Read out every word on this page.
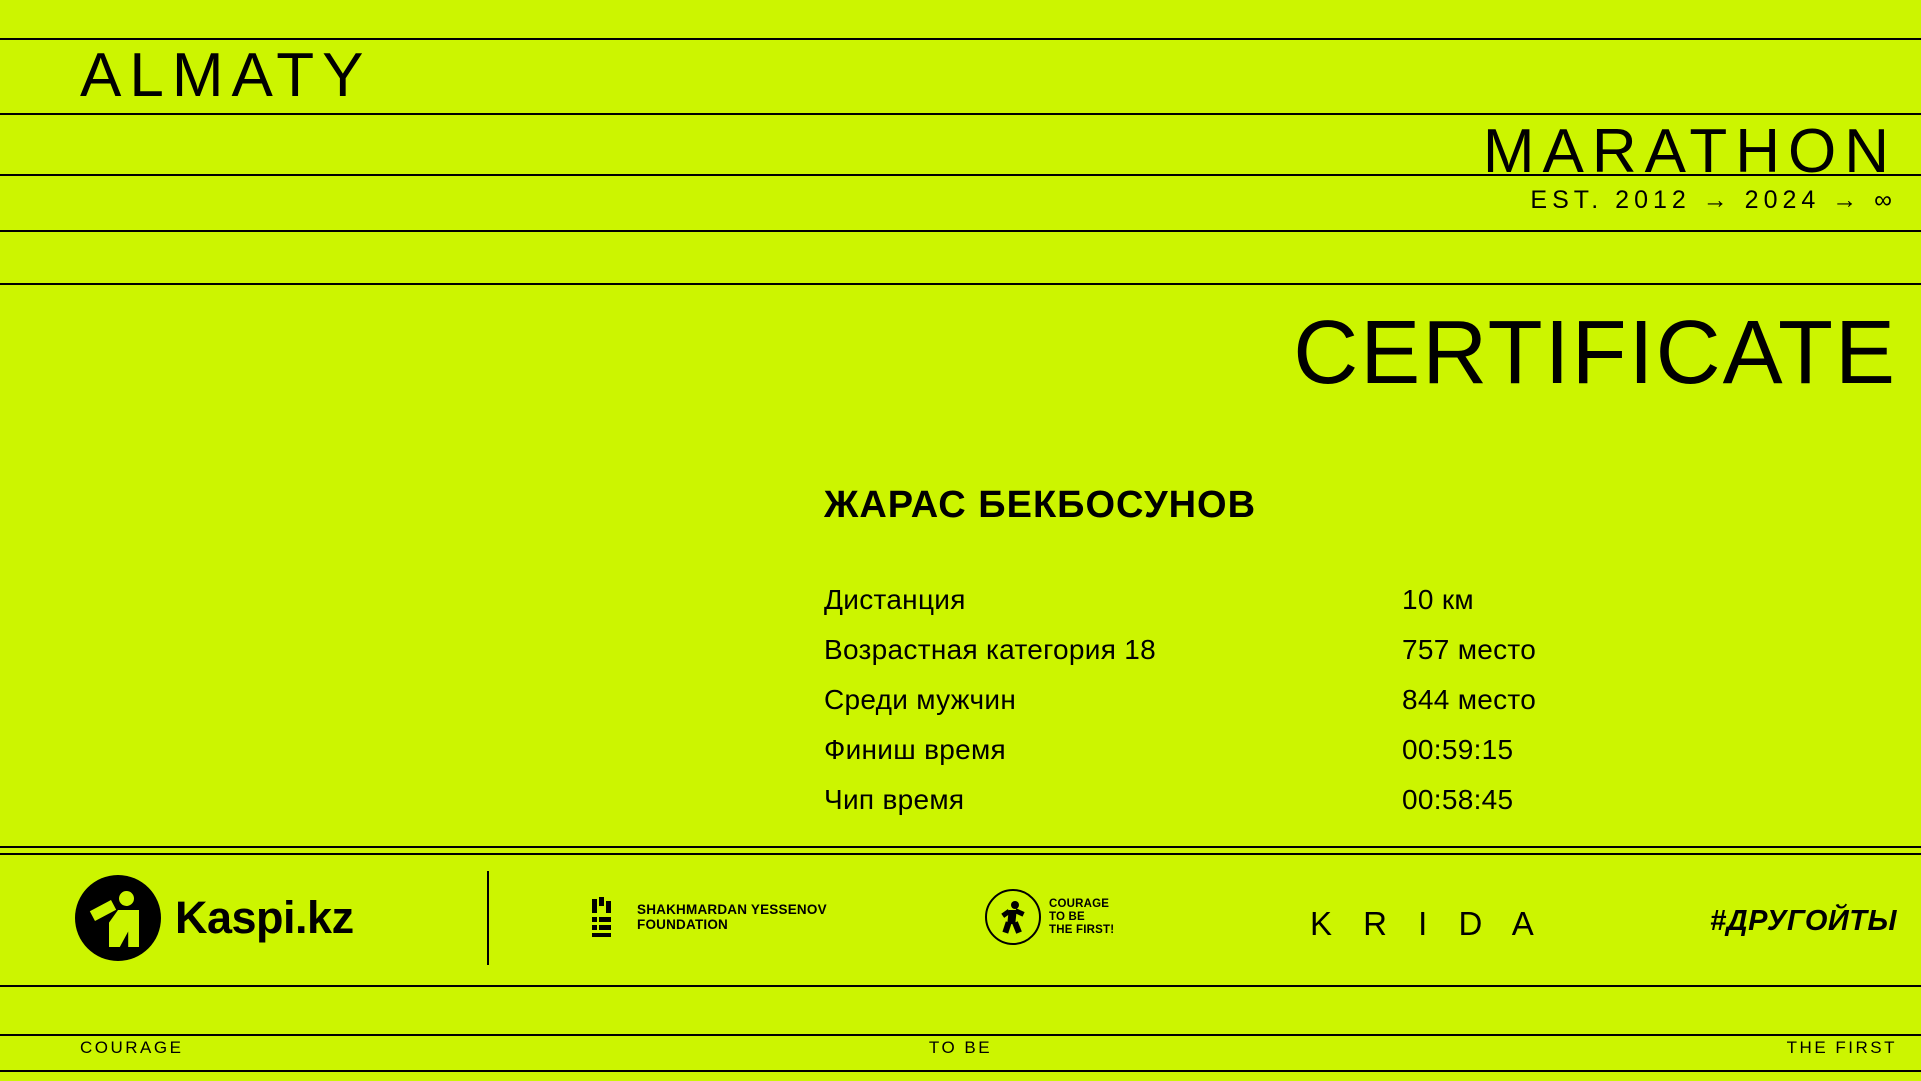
ALMATY
MARATHON
EST. 2012 → 2024 → ∞
CERTIFICATE
ЖАРАС БЕКБОСУНОВ
Дистанция	10 км
Возрастная категория 18	757 место
Среди мужчин	844 место
Финиш время	00:59:15
Чип время	00:58:45
Kaspi.kz	SHAKHMARDAN YESSENOV
FOUNDATION
COURAGE
TO BE
THE FIRST!	K R I D A	#ДРУГОЙТЫ
COURAGE	TO BE	THE FIRST
